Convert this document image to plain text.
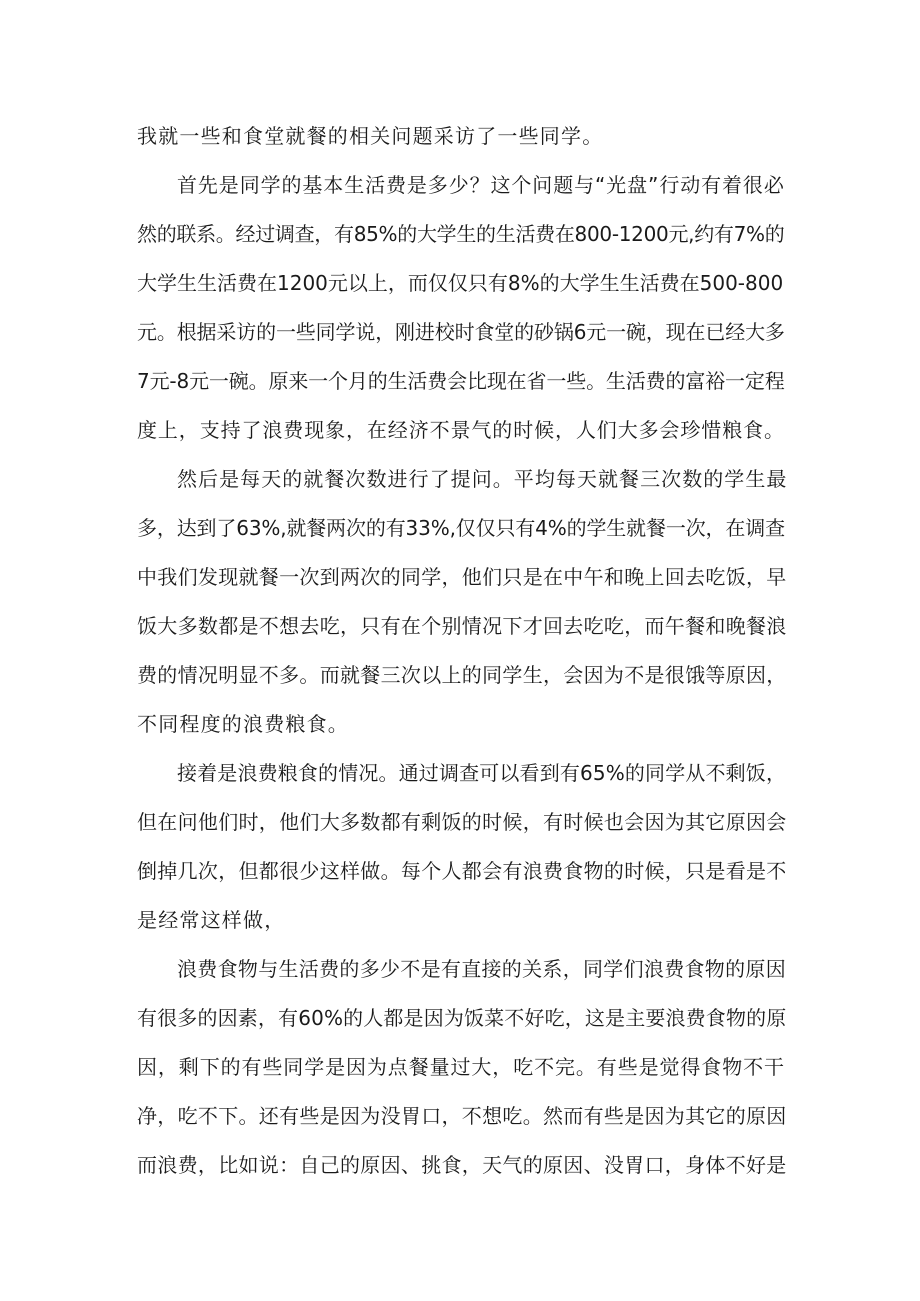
我就一些和食堂就餐的相关问题采访了一些同学。
首先是同学的基本生活费是多少？这个问题与“光盘”行动有着很必
然的联系。经过调查，有85%的大学生的生活费在800-1200元,约有7%的
大学生生活费在1200元以上，而仅仅只有8%的大学生生活费在500-800
元。根据采访的一些同学说，刚进校时食堂的砂锅6元一碗，现在已经大多
7元-8元一碗。原来一个月的生活费会比现在省一些。生活费的富裕一定程
度上，支持了浪费现象，在经济不景气的时候，人们大多会珍惜粮食。
然后是每天的就餐次数进行了提问。平均每天就餐三次数的学生最
多，达到了63%,就餐两次的有33%,仅仅只有4%的学生就餐一次，在调查
中我们发现就餐一次到两次的同学，他们只是在中午和晚上回去吃饭，早
饭大多数都是不想去吃，只有在个别情况下才回去吃吃，而午餐和晚餐浪
费的情况明显不多。而就餐三次以上的同学生，会因为不是很饿等原因，
不同程度的浪费粮食。
接着是浪费粮食的情况。通过调查可以看到有65%的同学从不剩饭，
但在问他们时，他们大多数都有剩饭的时候，有时候也会因为其它原因会
倒掉几次，但都很少这样做。每个人都会有浪费食物的时候，只是看是不
是经常这样做，
浪费食物与生活费的多少不是有直接的关系，同学们浪费食物的原因
有很多的因素，有60%的人都是因为饭菜不好吃，这是主要浪费食物的原
因，剩下的有些同学是因为点餐量过大，吃不完。有些是觉得食物不干
净，吃不下。还有些是因为没胃口，不想吃。然而有些是因为其它的原因
而浪费，比如说：自己的原因、挑食，天气的原因、没胃口，身体不好是
